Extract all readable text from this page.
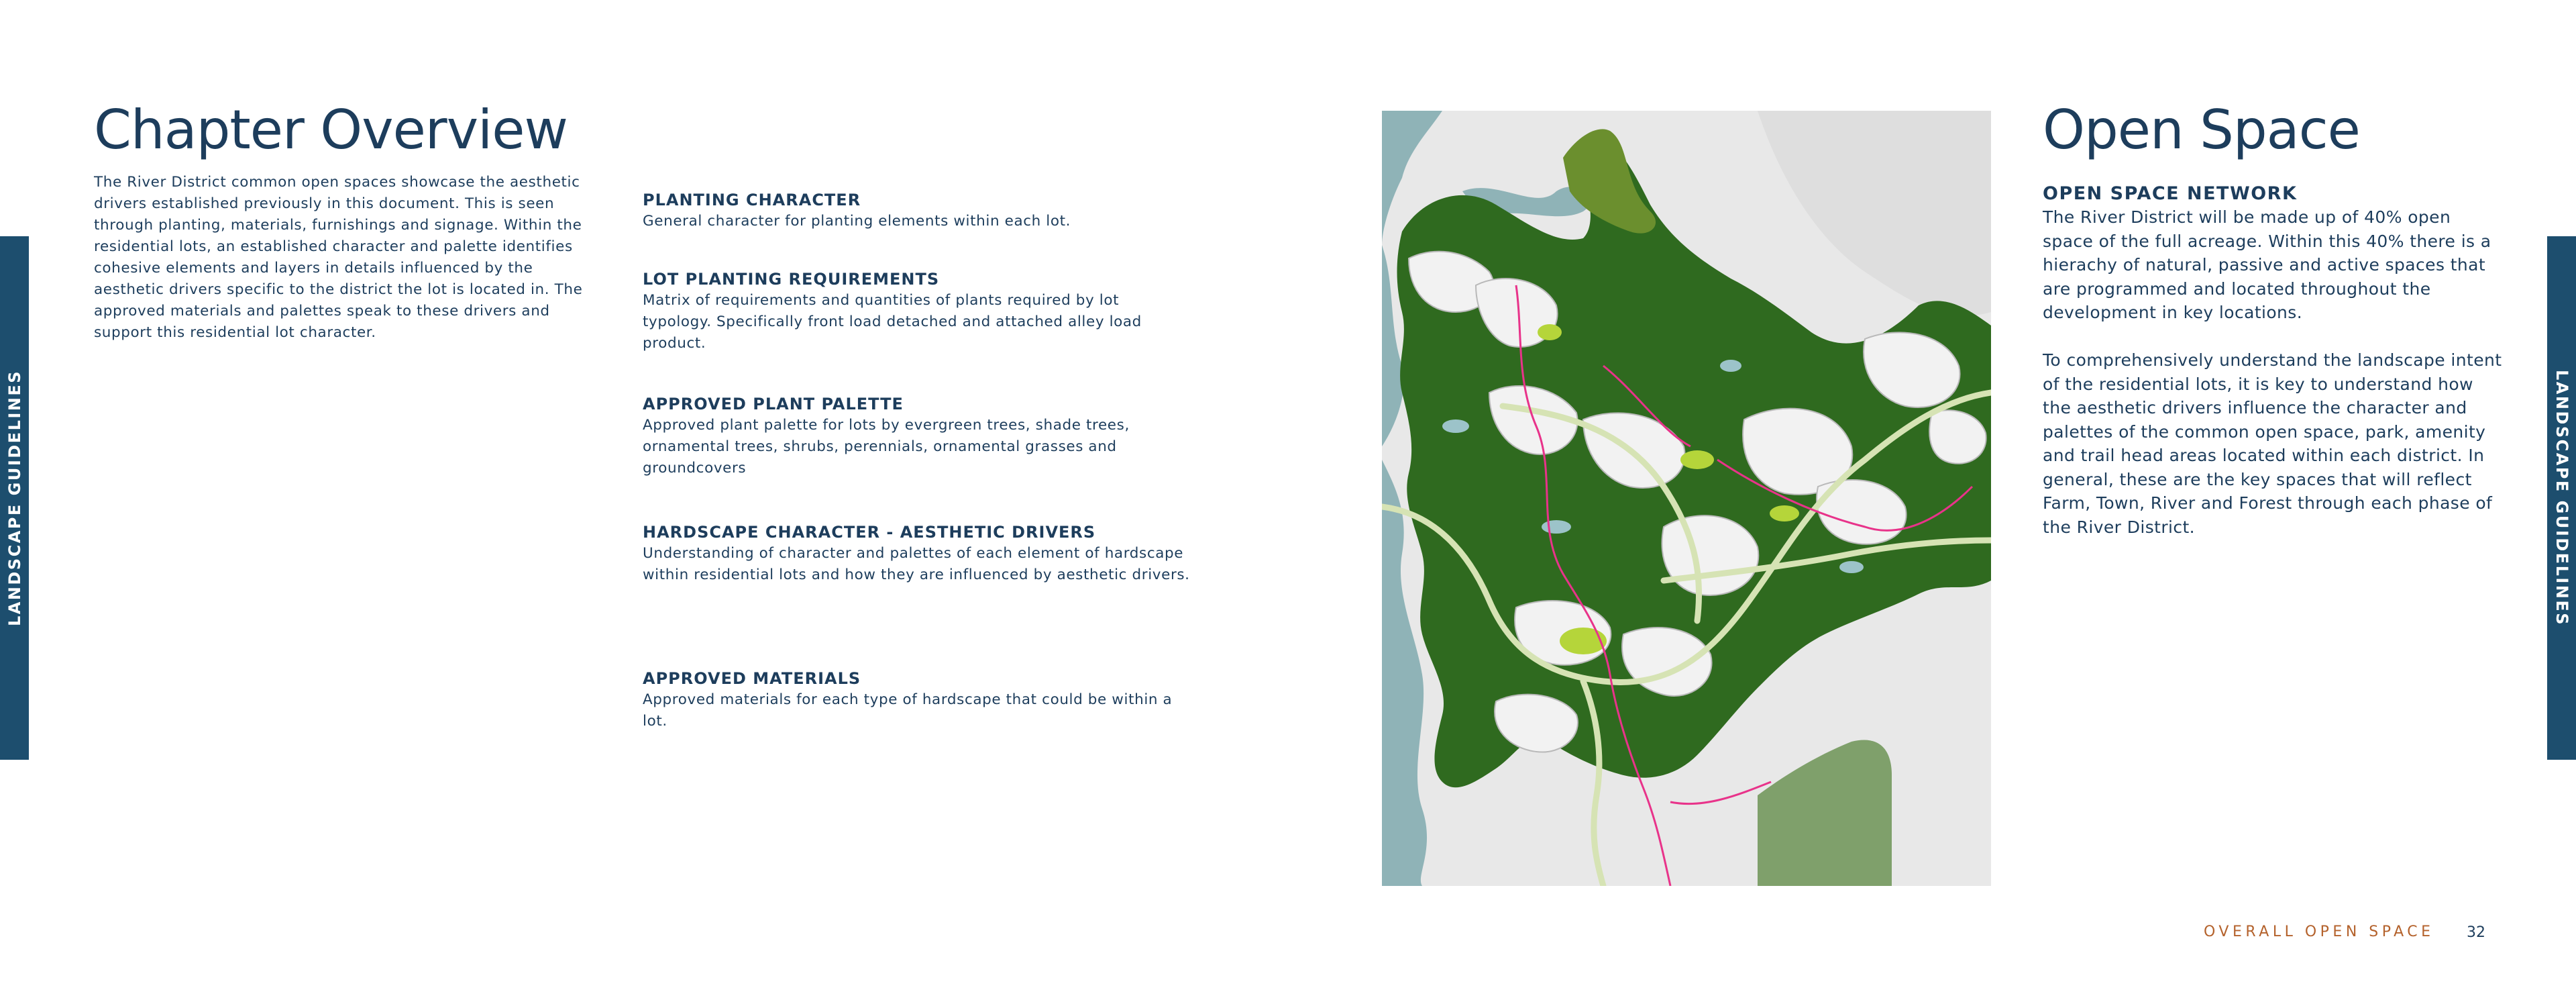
LANDSCAPE GUIDELINES	LANDSCAPE GUIDELINES
Chapter Overview

The River District common open spaces showcase the aesthetic drivers established previously in this document. This is seen through planting, materials, furnishings and signage. Within the residential lots, an established character and palette identifies cohesive elements and layers in details influenced by the aesthetic drivers specific to the district the lot is located in. The approved materials and palettes speak to these drivers and support this residential lot character.

PLANTING CHARACTER

General character for planting elements within each lot.

LOT PLANTING REQUIREMENTS

Matrix of requirements and quantities of plants required by lot typology. Specifically front load detached and attached alley load product.

APPROVED PLANT PALETTE

Approved plant palette for lots by evergreen trees, shade trees, ornamental trees, shrubs, perennials, ornamental grasses and groundcovers

HARDSCAPE CHARACTER - AESTHETIC DRIVERS

Understanding of character and palettes of each element of hardscape within residential lots and how they are influenced by aesthetic drivers.

APPROVED MATERIALS

Approved materials for each type of hardscape that could be within a lot.

Open Space
OPEN SPACE NETWORK

The River District will be made up of 40% open space of the full acreage. Within this 40% there is a hierachy of natural, passive and active spaces that are programmed and located throughout the development in key locations.

To comprehensively understand the landscape intent of the residential lots, it is key to understand how the aesthetic drivers influence the character and palettes of the common open space, park, amenity and trail head areas located within each district. In general, these are the key spaces that will reflect Farm, Town, River and Forest through each phase of the River District.

OVERALL OPEN SPACE 32
